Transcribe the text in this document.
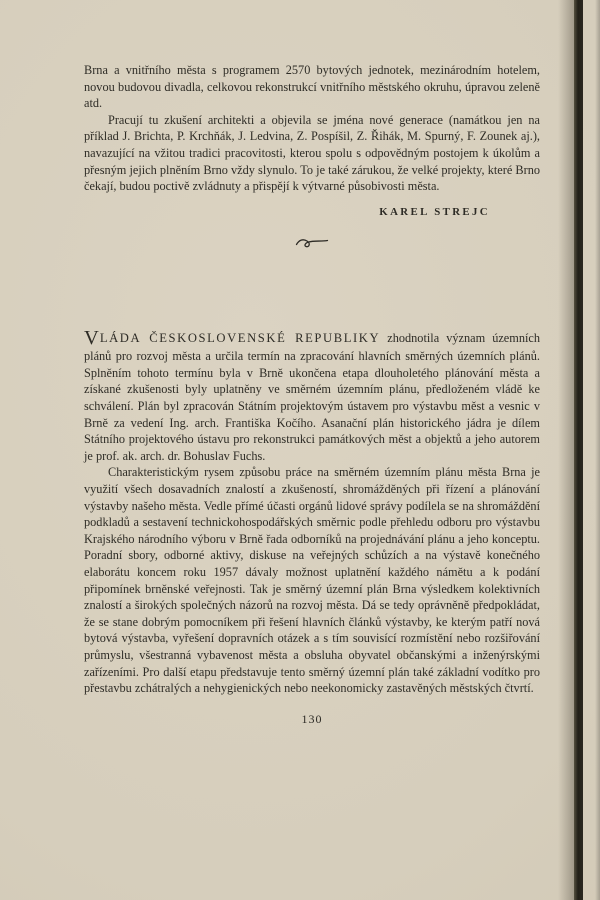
Brna a vnitřního města s programem 2570 bytových jednotek, mezinárodním hotelem, novou budovou divadla, celkovou rekonstrukcí vnitřního městského okruhu, úpravou zeleně atd.

Pracují tu zkušení architekti a objevila se jména nové generace (namátkou jen na příklad J. Brichta, P. Krchňák, J. Ledvina, Z. Pospíšil, Z. Řihák, M. Spurný, F. Zounek aj.), navazující na vžitou tradici pracovitosti, kterou spolu s odpovědným postojem k úkolům a přesným jejich plněním Brno vždy slynulo. To je také zárukou, že velké projekty, které Brno čekají, budou poctivě zvládnuty a přispějí k výtvarné působivosti města.

KAREL STREJC

VLÁDA ČESKOSLOVENSKÉ REPUBLIKY zhodnotila význam územních plánů pro rozvoj města a určila termín na zpracování hlavních směrných územních plánů. Splněním tohoto termínu byla v Brně ukončena etapa dlouholetého plánování města a získané zkušenosti byly uplatněny ve směrném územním plánu, předloženém vládě ke schválení. Plán byl zpracován Státním projektovým ústavem pro výstavbu měst a vesnic v Brně za vedení Ing. arch. Františka Kočího. Asanační plán historického jádra je dílem Státního projektového ústavu pro rekonstrukci památkových měst a objektů a jeho autorem je prof. ak. arch. dr. Bohuslav Fuchs.

Charakteristickým rysem způsobu práce na směrném územním plánu města Brna je využití všech dosavadních znalostí a zkušeností, shromážděných při řízení a plánování výstavby našeho města. Vedle přímé účasti orgánů lidové správy podílela se na shromáždění podkladů a sestavení technickohospodářských směrnic podle přehledu odboru pro výstavbu Krajského národního výboru v Brně řada odborníků na projednávání plánu a jeho konceptu. Poradní sbory, odborné aktivy, diskuse na veřejných schůzích a na výstavě konečného elaborátu koncem roku 1957 dávaly možnost uplatnění každého námětu a k podání připomínek brněnské veřejnosti. Tak je směrný územní plán Brna výsledkem kolektivních znalostí a širokých společných názorů na rozvoj města. Dá se tedy oprávněně předpokládat, že se stane dobrým pomocníkem při řešení hlavních článků výstavby, ke kterým patří nová bytová výstavba, vyřešení dopravních otázek a s tím souvisící rozmístění nebo rozšiřování průmyslu, všestranná vybavenost města a obsluha obyvatel občanskými a inženýrskými zařízeními. Pro další etapu představuje tento směrný územní plán také základní vodítko pro přestavbu zchátralých a nehygienických nebo neekonomicky zastavěných městských čtvrtí.

130
